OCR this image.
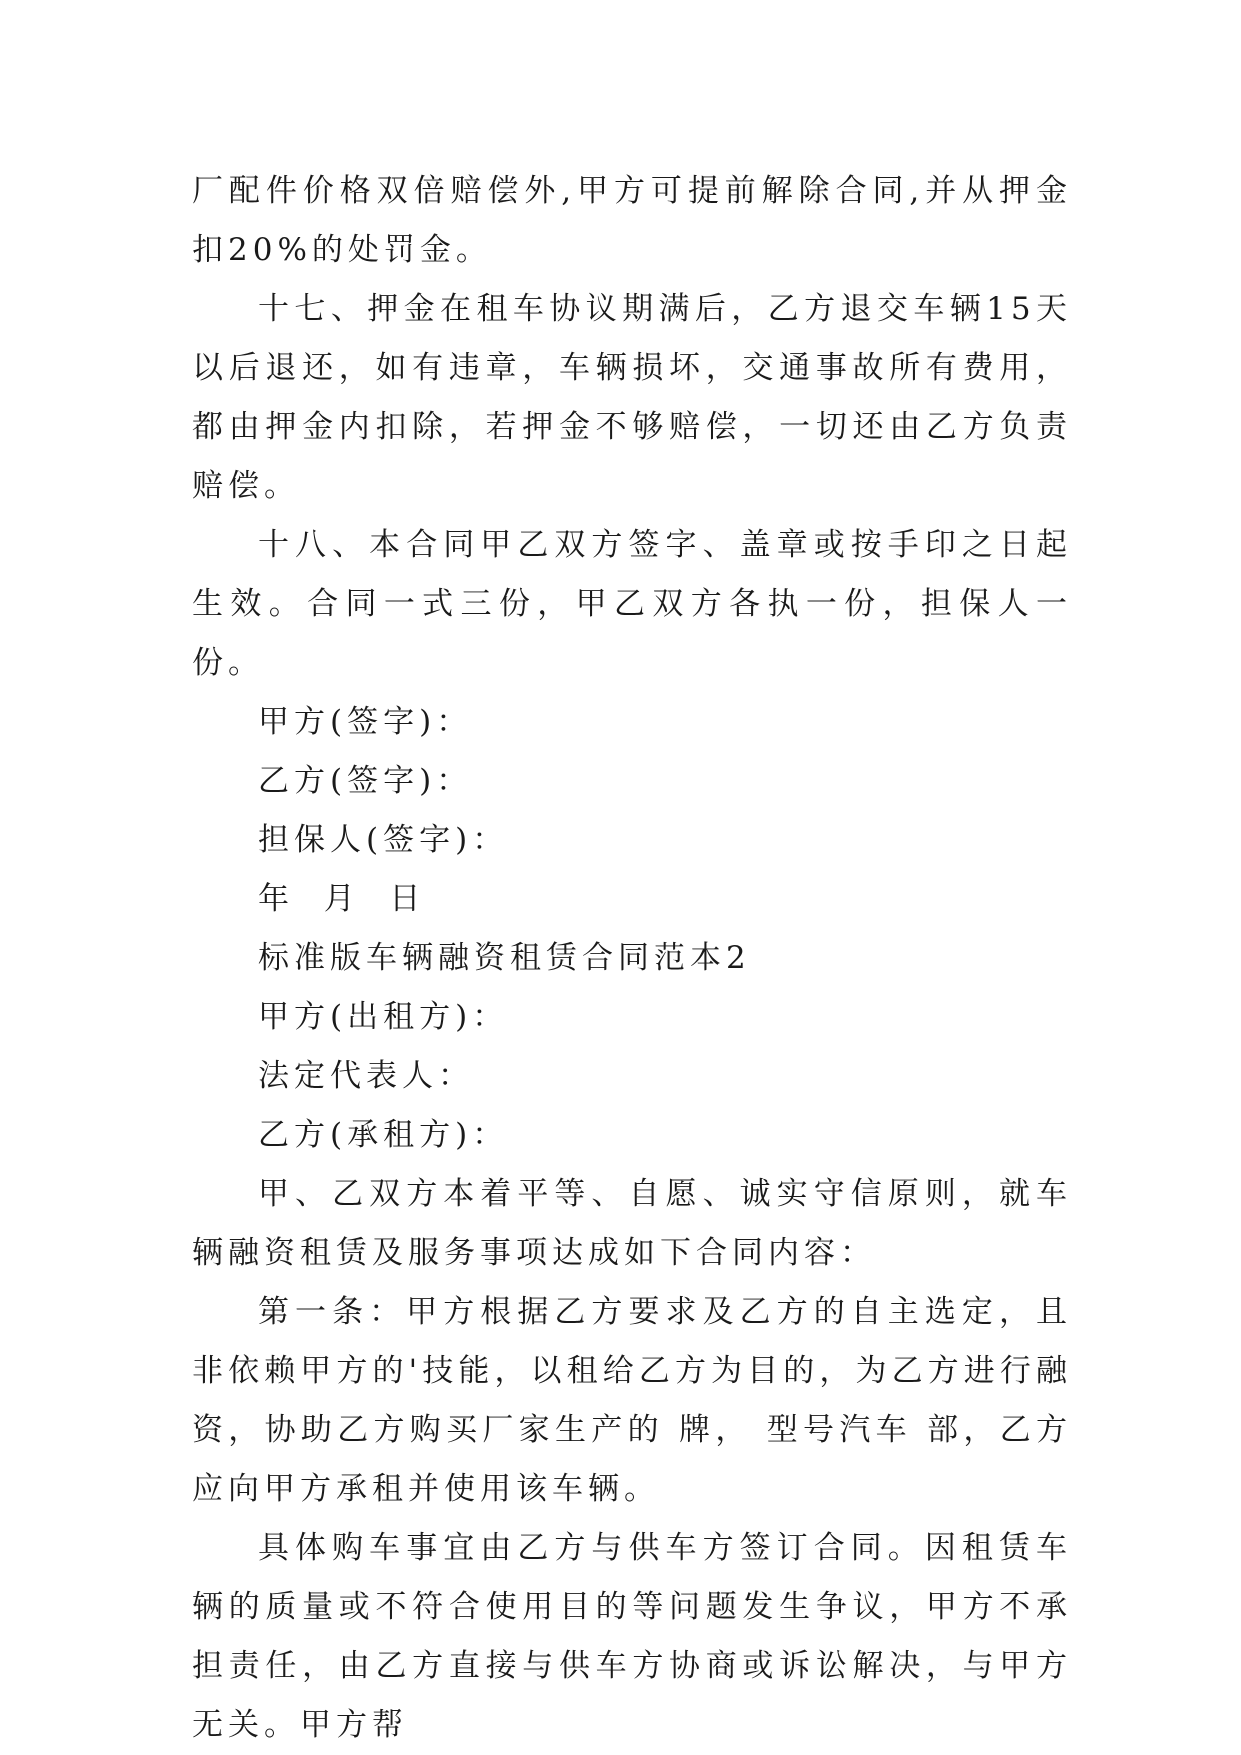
厂配件价格双倍赔偿外,甲方可提前解除合同,并从押金扣20%的处罚金。

十七、押金在租车协议期满后，乙方退交车辆15天以后退还，如有违章，车辆损坏，交通事故所有费用，都由押金内扣除，若押金不够赔偿，一切还由乙方负责赔偿。

十八、本合同甲乙双方签字、盖章或按手印之日起生效。合同一式三份，甲乙双方各执一份，担保人一份。

甲方(签字)：

乙方(签字)：

担保人(签字)：

年  月  日

标准版车辆融资租赁合同范本2

甲方(出租方)：

法定代表人：

乙方(承租方)：

甲、乙双方本着平等、自愿、诚实守信原则，就车辆融资租赁及服务事项达成如下合同内容：

第一条：甲方根据乙方要求及乙方的自主选定，且非依赖甲方的'技能，以租给乙方为目的，为乙方进行融资，协助乙方购买厂家生产的 牌， 型号汽车 部，乙方应向甲方承租并使用该车辆。

具体购车事宜由乙方与供车方签订合同。因租赁车辆的质量或不符合使用目的等问题发生争议，甲方不承担责任，由乙方直接与供车方协商或诉讼解决，与甲方无关。甲方帮
